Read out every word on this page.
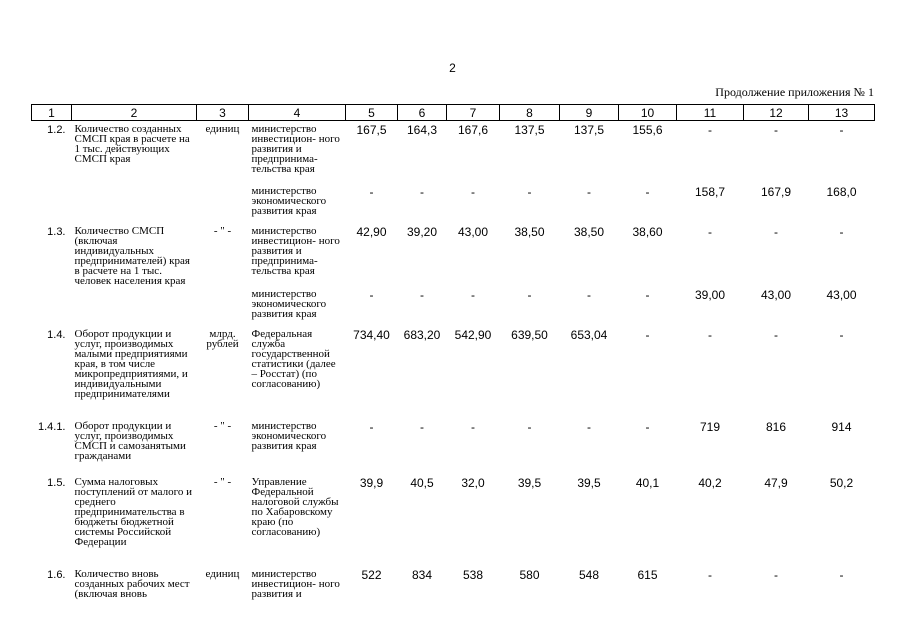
2
Продолжение приложения № 1
1	2	3	4	5	6	7	8	9	10	11	12	13
1.2.	Количество созданных СМСП края в расчете на 1 тыс. действующих СМСП края	единиц	министерство инвестицион- ного развития и предпринима- тельства края	167,5	164,3	167,6	137,5	137,5	155,6	-	-	-
			министерство экономического развития края	-	-	-	-	-	-	158,7	167,9	168,0
1.3.	Количество СМСП (включая индивидуальных предпринимателей) края в расчете на 1 тыс. человек населения края	- " -	министерство инвестицион- ного развития и предпринима- тельства края	42,90	39,20	43,00	38,50	38,50	38,60	-	-	-
			министерство экономического развития края	-	-	-	-	-	-	39,00	43,00	43,00
1.4.	Оборот продукции и услуг, производимых малыми предприятиями края, в том числе микропредприятиями, и индивидуальными предпринимателями	млрд. рублей	Федеральная служба государственной статистики (далее – Росстат) (по согласованию)	734,40	683,20	542,90	639,50	653,04	-	-	-	-
1.4.1.	Оборот продукции и услуг, производимых СМСП и самозанятыми гражданами	- " -	министерство экономического развития края	-	-	-	-	-	-	719	816	914
1.5.	Сумма налоговых поступлений от малого и среднего предпринимательства в бюджеты бюджетной системы Российской Федерации	- " -	Управление Федеральной налоговой службы по Хабаровскому краю (по согласованию)	39,9	40,5	32,0	39,5	39,5	40,1	40,2	47,9	50,2
1.6.	Количество вновь созданных рабочих мест (включая вновь	единиц	министерство инвестицион- ного развития и	522	834	538	580	548	615	-	-	-
